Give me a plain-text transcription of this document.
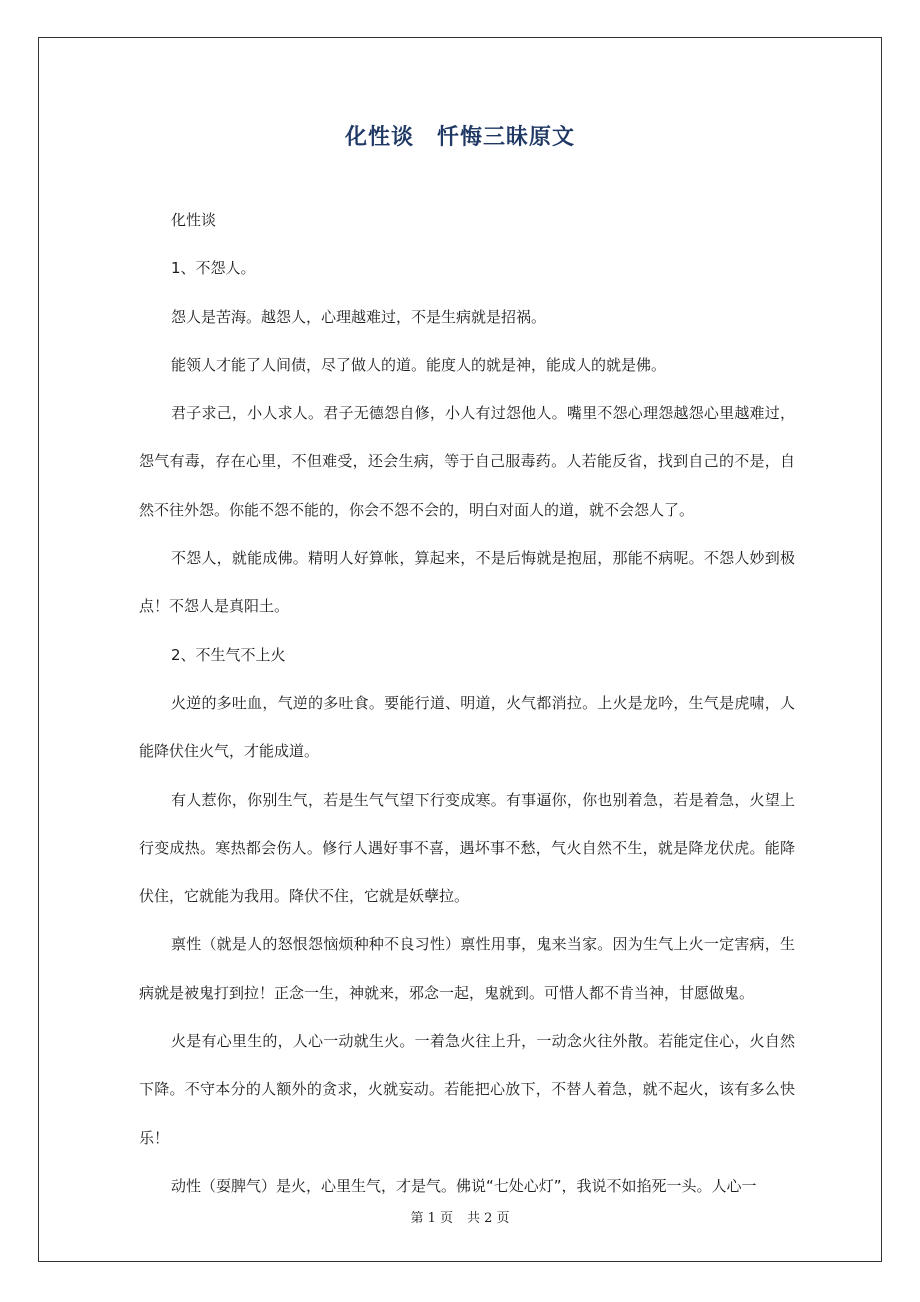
化性谈　忏悔三昧原文

化性谈

1、不怨人。

怨人是苦海。越怨人，心理越难过，不是生病就是招祸。

能领人才能了人间债，尽了做人的道。能度人的就是神，能成人的就是佛。

君子求己，小人求人。君子无德怨自修，小人有过怨他人。嘴里不怨心理怨越怨心里越难过，怨气有毒，存在心里，不但难受，还会生病，等于自己服毒药。人若能反省，找到自己的不是，自然不往外怨。你能不怨不能的，你会不怨不会的，明白对面人的道，就不会怨人了。

不怨人，就能成佛。精明人好算帐，算起来，不是后悔就是抱屈，那能不病呢。不怨人妙到极点！不怨人是真阳土。

2、不生气不上火

火逆的多吐血，气逆的多吐食。要能行道、明道，火气都消拉。上火是龙吟，生气是虎啸，人能降伏住火气，才能成道。

有人惹你，你别生气，若是生气气望下行变成寒。有事逼你，你也别着急，若是着急，火望上行变成热。寒热都会伤人。修行人遇好事不喜，遇坏事不愁，气火自然不生，就是降龙伏虎。能降伏住，它就能为我用。降伏不住，它就是妖孽拉。

禀性（就是人的怒恨怨恼烦种种不良习性）禀性用事，鬼来当家。因为生气上火一定害病，生病就是被鬼打到拉！正念一生，神就来，邪念一起，鬼就到。可惜人都不肯当神，甘愿做鬼。

火是有心里生的，人心一动就生火。一着急火往上升，一动念火往外散。若能定住心，火自然下降。不守本分的人额外的贪求，火就妄动。若能把心放下，不替人着急，就不起火，该有多么快乐！

动性（耍脾气）是火，心里生气，才是气。佛说“七处心灯”，我说不如掐死一头。人心一

第 1 页 共 2 页
